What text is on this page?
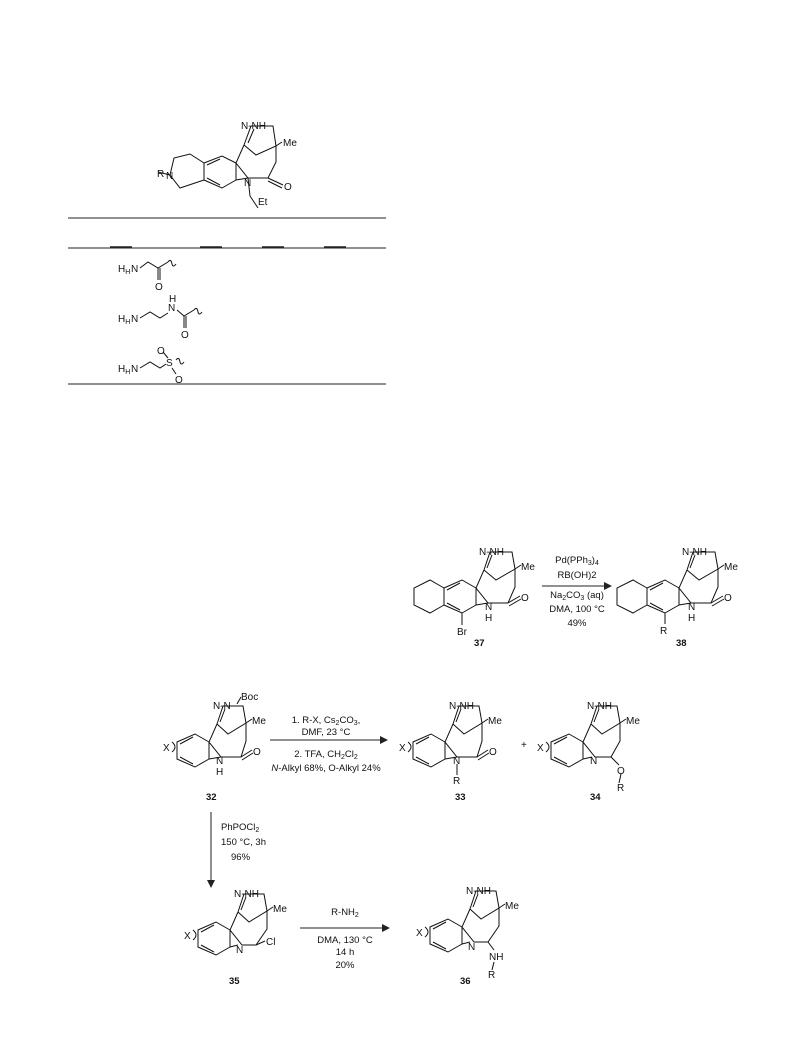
N-NH
Me
R N
N	O
Et
$H_H$ N
O
$H_H$ N
N
H
O
$H_H$ N
S
O
O
N-NH
Me
Br
N
H
O
37
$Pd(PPh_3)_4$
RB(OH)2
$Na_2CO_3$ (aq)
DMA, 100 °C
49%
N-NH
Me
R
N
H
O
38
Boc
N-N
Me
X
N
H
O
32
1. R-X, $Cs_2CO_3$,
DMF, 23 °C
2. TFA, $CH_2Cl_2$
N-Alkyl 68%, O-Alkyl 24%
N-NH
Me
X
N
R
O
33
+
N-NH
Me
X
N
O
R
34
PhPOCl$_2$
150 °C, 3h
96%
N-NH
Me
X
N
Cl
35
$R-NH_2$
DMA, 130 °C
14 h
20%
N-NH
Me
X
N
NH
R
36
